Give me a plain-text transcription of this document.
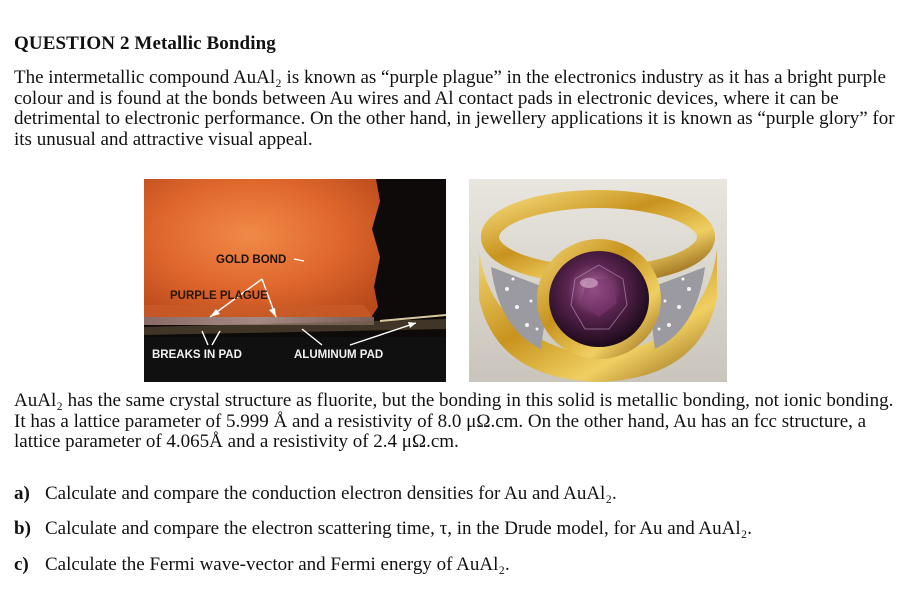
QUESTION 2 Metallic Bonding
The intermetallic compound AuAl₂ is known as “purple plague” in the electronics industry as it has a bright purple colour and is found at the bonds between Au wires and Al contact pads in electronic devices, where it can be detrimental to electronic performance. On the other hand, in jewellery applications it is known as “purple glory” for its unusual and attractive visual appeal.
GOLD BOND
PURPLE PLAGUE
BREAKS IN PAD	ALUMINUM PAD
AuAl₂ has the same crystal structure as fluorite, but the bonding in this solid is metallic bonding, not ionic bonding. It has a lattice parameter of 5.999 Å and a resistivity of 8.0 μΩ.cm. On the other hand, Au has an fcc structure, a lattice parameter of 4.065Å and a resistivity of 2.4 μΩ.cm.
a) Calculate and compare the conduction electron densities for Au and AuAl₂.
b) Calculate and compare the electron scattering time, τ, in the Drude model, for Au and AuAl₂.
c) Calculate the Fermi wave-vector and Fermi energy of AuAl₂.
